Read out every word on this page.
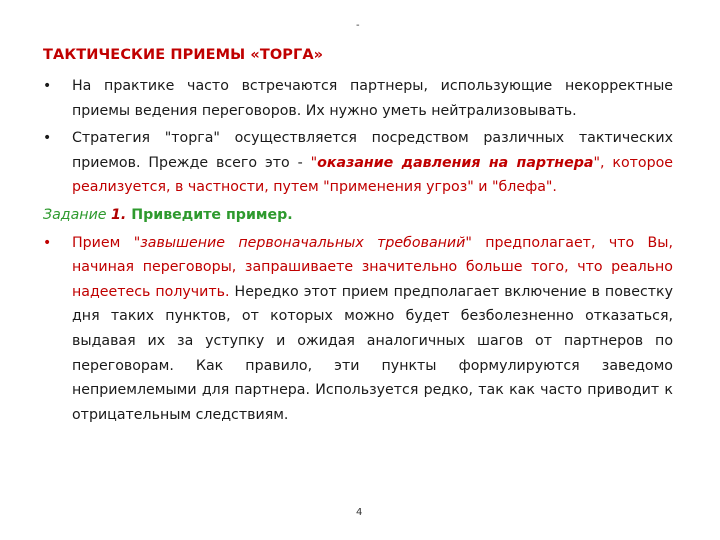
-
ТАКТИЧЕСКИЕ ПРИЕМЫ «ТОРГА»
• На практике часто встречаются партнеры, использующие некорректные приемы ведения переговоров. Их нужно уметь нейтрализовывать.
• Стратегия "торга" осуществляется посредством различных тактических приемов. Прежде всего это - "оказание давления на партнера", которое реализуется, в частности, путем "применения угроз" и "блефа".
Задание 1. Приведите пример.
• Прием "завышение первоначальных требований" предполагает, что Вы, начиная переговоры, запрашиваете значительно больше того, что реально надеетесь получить. Нередко этот прием предполагает включение в повестку дня таких пунктов, от которых можно будет безболезненно отказаться, выдавая их за уступку и ожидая аналогичных шагов от партнеров по переговорам. Как правило, эти пункты формулируются заведомо неприемлемыми для партнера. Используется редко, так как часто приводит к отрицательным следствиям.
4
